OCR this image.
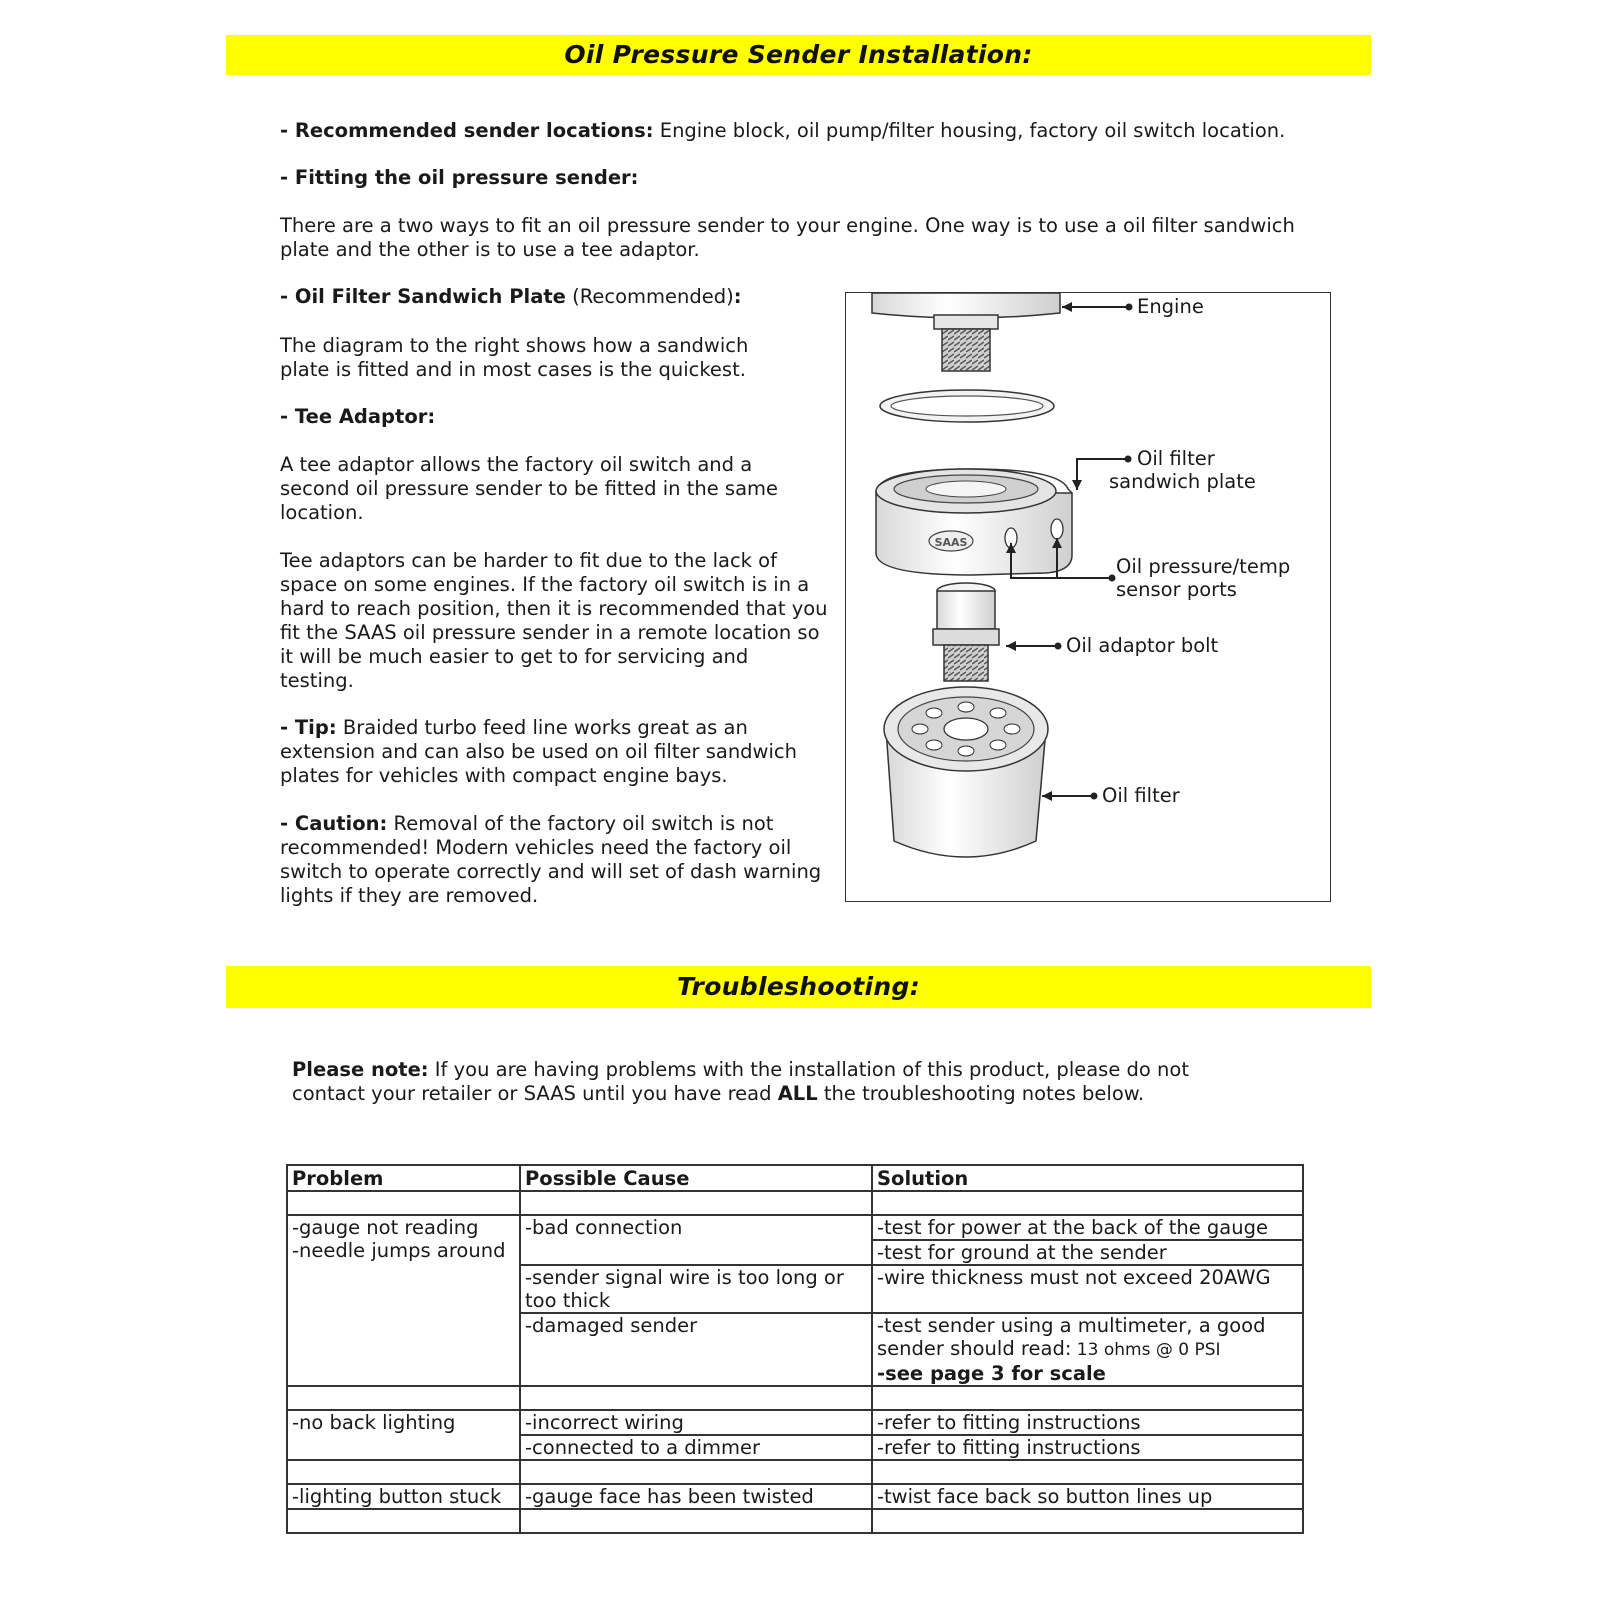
Oil Pressure Sender Installation:

- Recommended sender locations: Engine block, oil pump/filter housing, factory oil switch location.

- Fitting the oil pressure sender:

There are a two ways to fit an oil pressure sender to your engine. One way is to use a oil filter sandwich plate and the other is to use a tee adaptor.

- Oil Filter Sandwich Plate (Recommended):

The diagram to the right shows how a sandwich plate is fitted and in most cases is the quickest.

- Tee Adaptor:

A tee adaptor allows the factory oil switch and a second oil pressure sender to be fitted in the same location.

Tee adaptors can be harder to fit due to the lack of space on some engines. If the factory oil switch is in a hard to reach position, then it is recommended that you fit the SAAS oil pressure sender in a remote location so it will be much easier to get to for servicing and testing.

- Tip: Braided turbo feed line works great as an extension and can also be used on oil filter sandwich plates for vehicles with compact engine bays.

- Caution: Removal of the factory oil switch is not recommended! Modern vehicles need the factory oil switch to operate correctly and will set of dash warning lights if they are removed.

SAAS
Engine
Oil filter
sandwich plate
Oil pressure/temp
sensor ports
Oil adaptor bolt
Oil filter
Troubleshooting:

Please note: If you are having problems with the installation of this product, please do not contact your retailer or SAAS until you have read ALL the troubleshooting notes below.

Problem	Possible Cause	Solution

-gauge not reading
-needle jumps around	-bad connection	-test for power at the back of the gauge
		-test for ground at the sender
	-sender signal wire is too long or too thick	-wire thickness must not exceed 20AWG
	-damaged sender	-test sender using a multimeter, a good sender should read: 13 ohms @ 0 PSI
-see page 3 for scale

-no back lighting	-incorrect wiring	-refer to fitting instructions
	-connected to a dimmer	-refer to fitting instructions

-lighting button stuck	-gauge face has been twisted	-twist face back so button lines up
